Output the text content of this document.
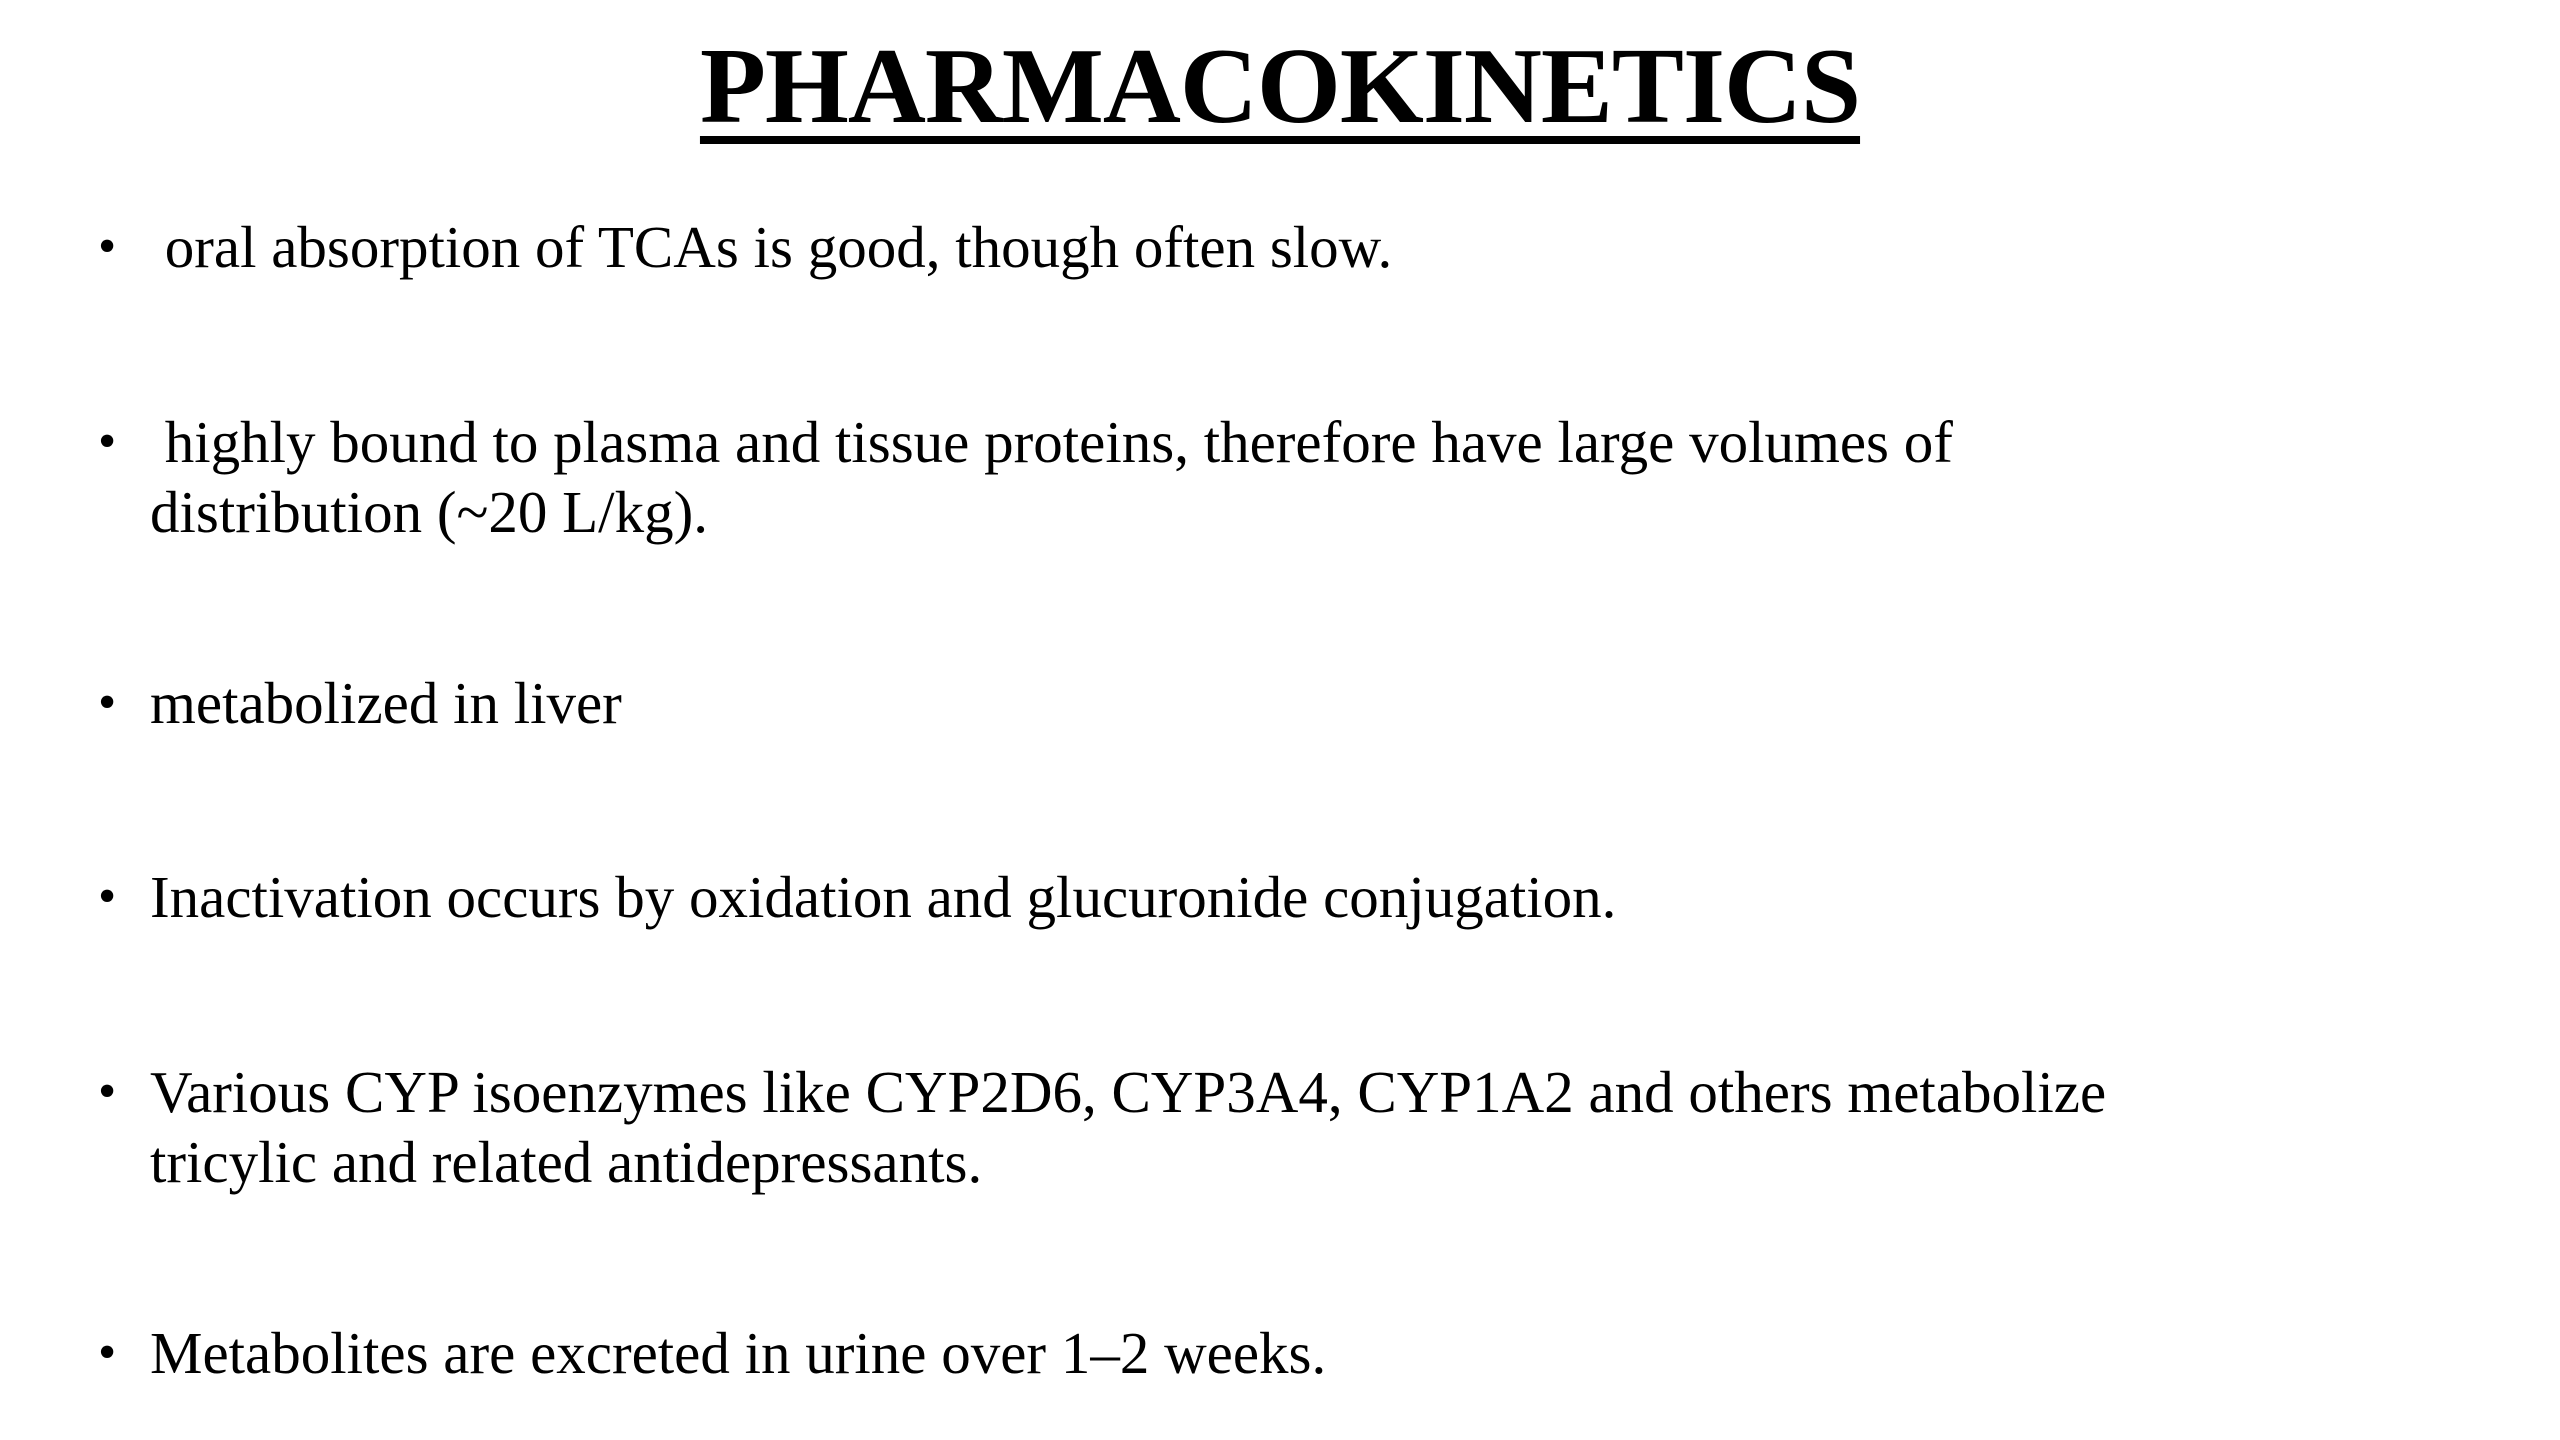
PHARMACOKINETICS
• oral absorption of TCAs is good, though often slow.
• highly bound to plasma and tissue proteins, therefore have large volumes of
distribution (~20 L/kg).
• metabolized in liver
• Inactivation occurs by oxidation and glucuronide conjugation.
• Various CYP isoenzymes like CYP2D6, CYP3A4, CYP1A2 and others metabolize
tricylic and related antidepressants.
• Metabolites are excreted in urine over 1–2 weeks.
